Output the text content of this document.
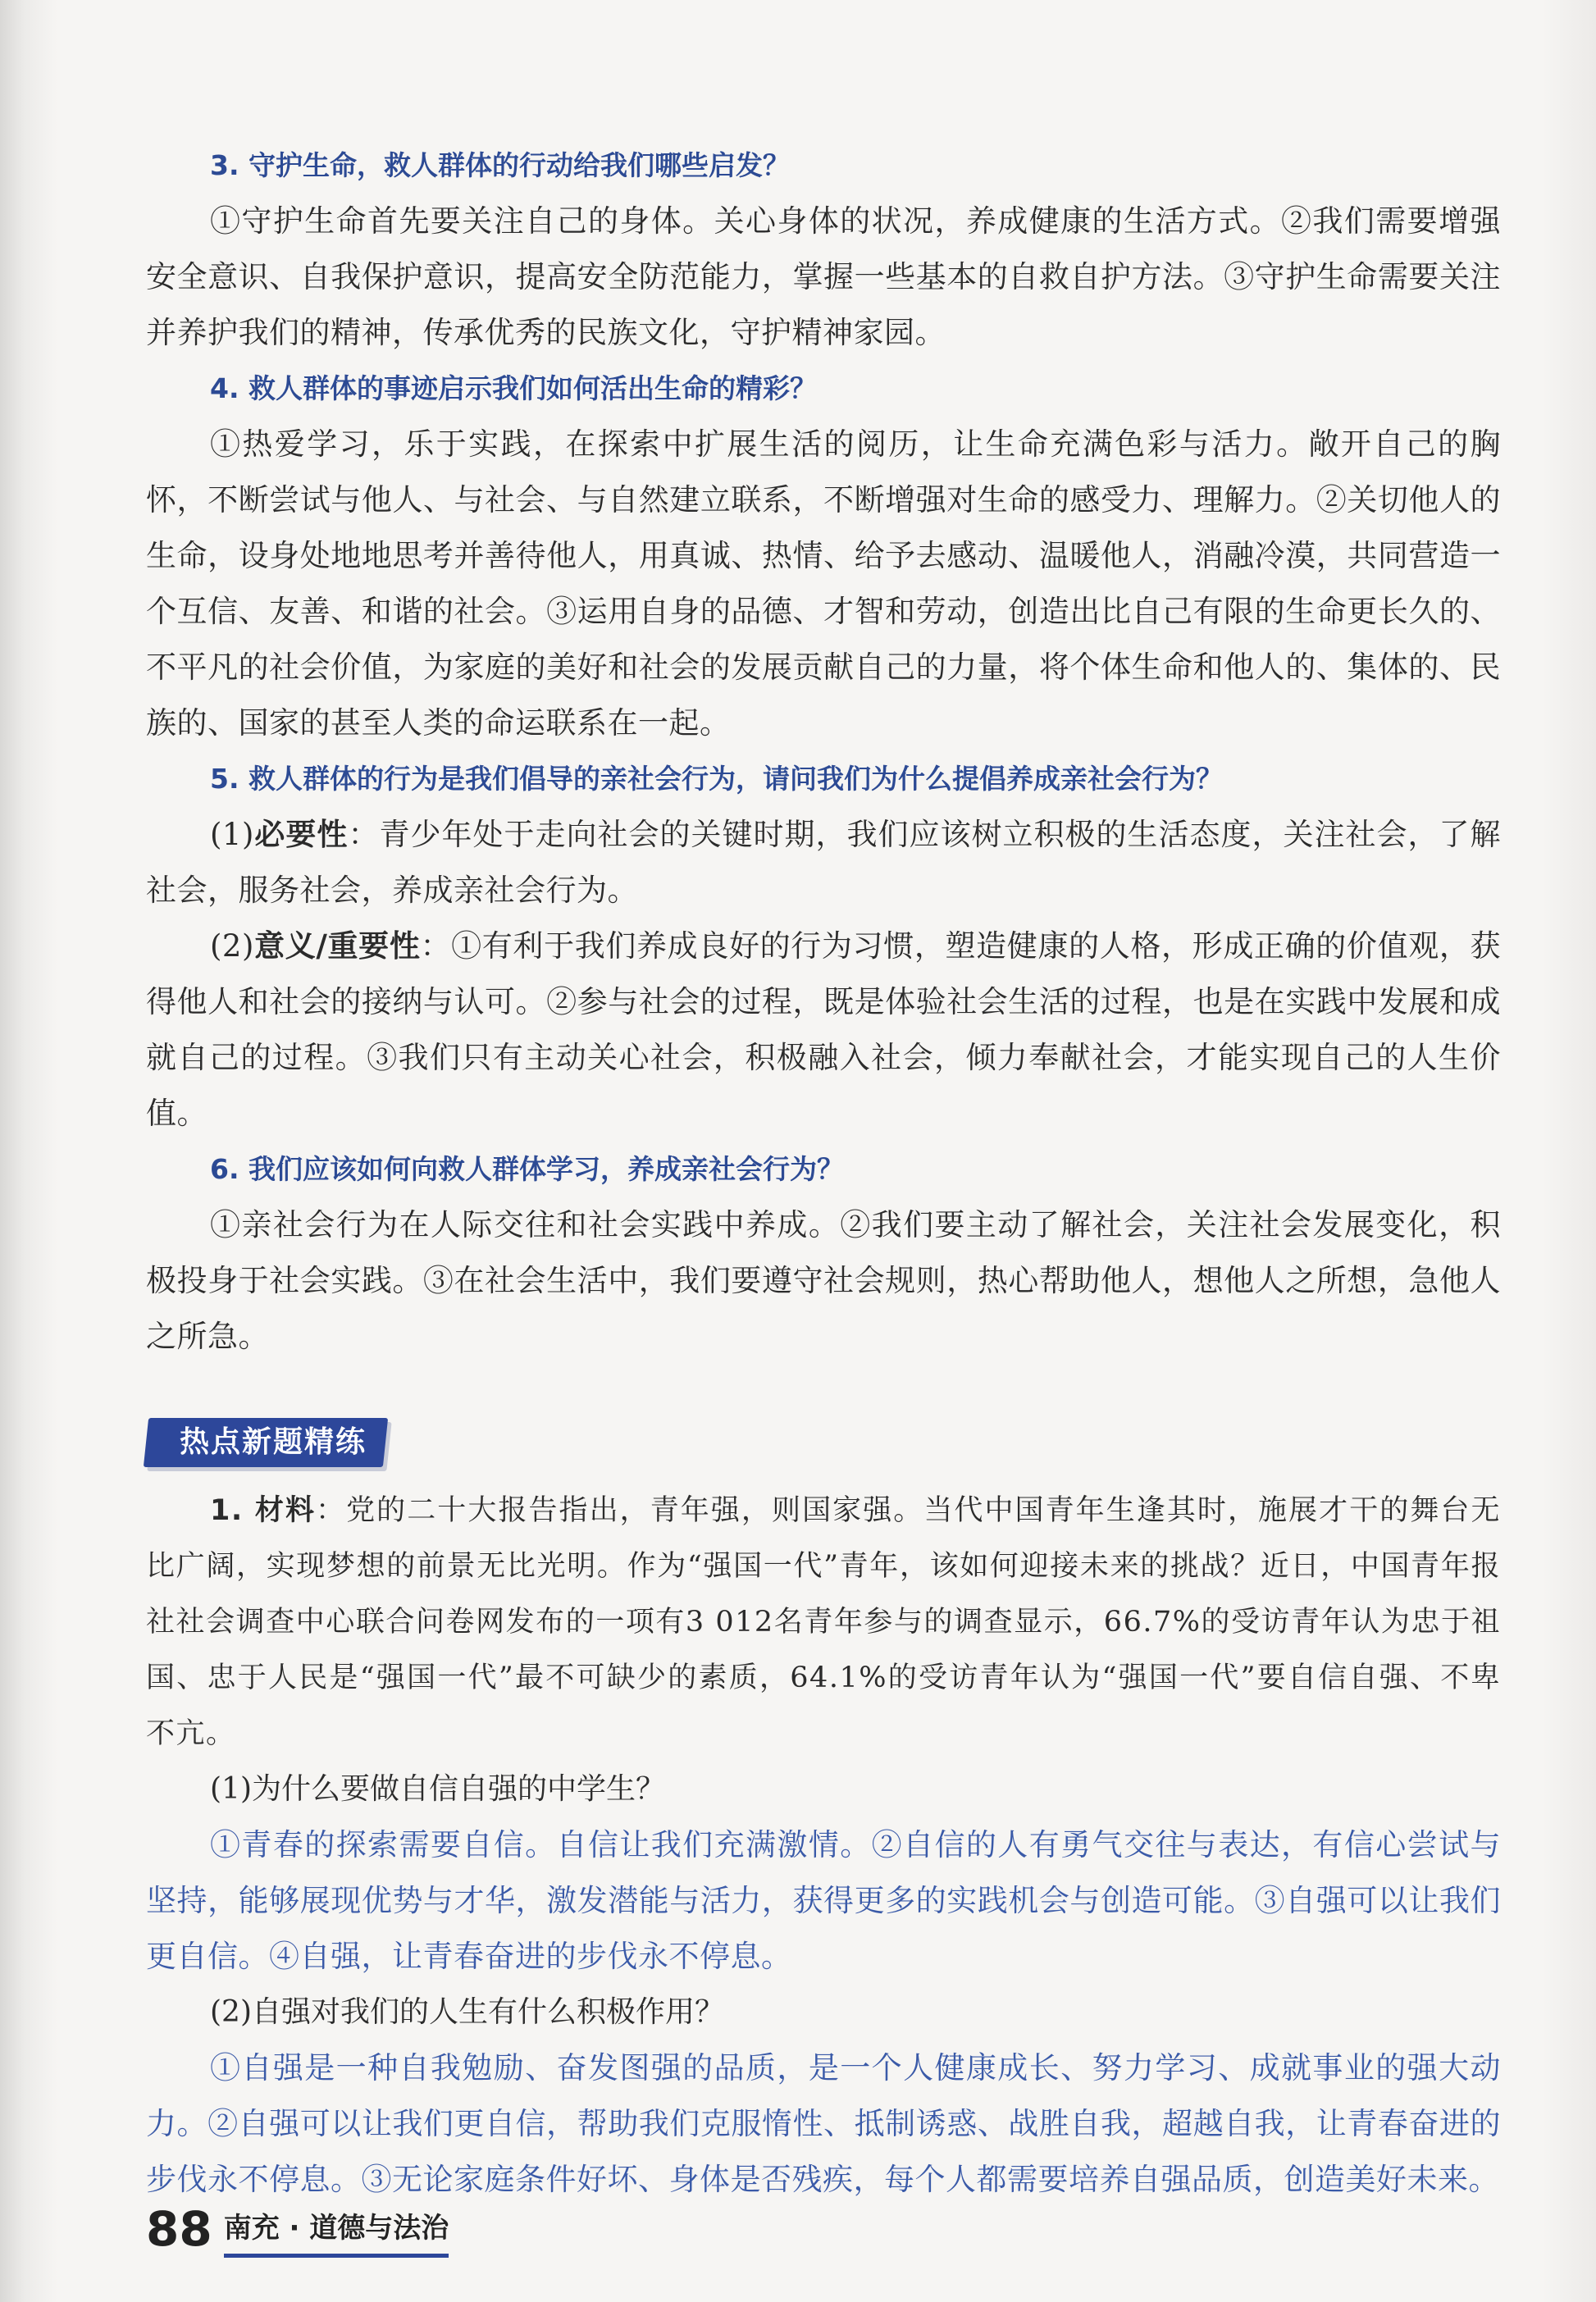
3. 守护生命，救人群体的行动给我们哪些启发？

①守护生命首先要关注自己的身体。关心身体的状况，养成健康的生活方式。②我们需要增强安全意识、自我保护意识，提高安全防范能力，掌握一些基本的自救自护方法。③守护生命需要关注并养护我们的精神，传承优秀的民族文化，守护精神家园。

4. 救人群体的事迹启示我们如何活出生命的精彩？

①热爱学习，乐于实践，在探索中扩展生活的阅历，让生命充满色彩与活力。敞开自己的胸怀，不断尝试与他人、与社会、与自然建立联系，不断增强对生命的感受力、理解力。②关切他人的生命，设身处地地思考并善待他人，用真诚、热情、给予去感动、温暖他人，消融冷漠，共同营造一个互信、友善、和谐的社会。③运用自身的品德、才智和劳动，创造出比自己有限的生命更长久的、不平凡的社会价值，为家庭的美好和社会的发展贡献自己的力量，将个体生命和他人的、集体的、民族的、国家的甚至人类的命运联系在一起。

5. 救人群体的行为是我们倡导的亲社会行为，请问我们为什么提倡养成亲社会行为？

(1)必要性：青少年处于走向社会的关键时期，我们应该树立积极的生活态度，关注社会，了解社会，服务社会，养成亲社会行为。

(2)意义/重要性：①有利于我们养成良好的行为习惯，塑造健康的人格，形成正确的价值观，获得他人和社会的接纳与认可。②参与社会的过程，既是体验社会生活的过程，也是在实践中发展和成就自己的过程。③我们只有主动关心社会，积极融入社会，倾力奉献社会，才能实现自己的人生价值。

6. 我们应该如何向救人群体学习，养成亲社会行为？

①亲社会行为在人际交往和社会实践中养成。②我们要主动了解社会，关注社会发展变化，积极投身于社会实践。③在社会生活中，我们要遵守社会规则，热心帮助他人，想他人之所想，急他人之所急。

热点新题精练

1. 材料：党的二十大报告指出，青年强，则国家强。当代中国青年生逢其时，施展才干的舞台无比广阔，实现梦想的前景无比光明。作为“强国一代”青年，该如何迎接未来的挑战？近日，中国青年报社社会调查中心联合问卷网发布的一项有3 012名青年参与的调查显示，66.7%的受访青年认为忠于祖国、忠于人民是“强国一代”最不可缺少的素质，64.1%的受访青年认为“强国一代”要自信自强、不卑不亢。

(1)为什么要做自信自强的中学生？

①青春的探索需要自信。自信让我们充满激情。②自信的人有勇气交往与表达，有信心尝试与坚持，能够展现优势与才华，激发潜能与活力，获得更多的实践机会与创造可能。③自强可以让我们更自信。④自强，让青春奋进的步伐永不停息。

(2)自强对我们的人生有什么积极作用？

①自强是一种自我勉励、奋发图强的品质，是一个人健康成长、努力学习、成就事业的强大动力。②自强可以让我们更自信，帮助我们克服惰性、抵制诱惑、战胜自我，超越自我，让青春奋进的步伐永不停息。③无论家庭条件好坏、身体是否残疾，每个人都需要培养自强品质，创造美好未来。

88 南充 · 道德与法治
